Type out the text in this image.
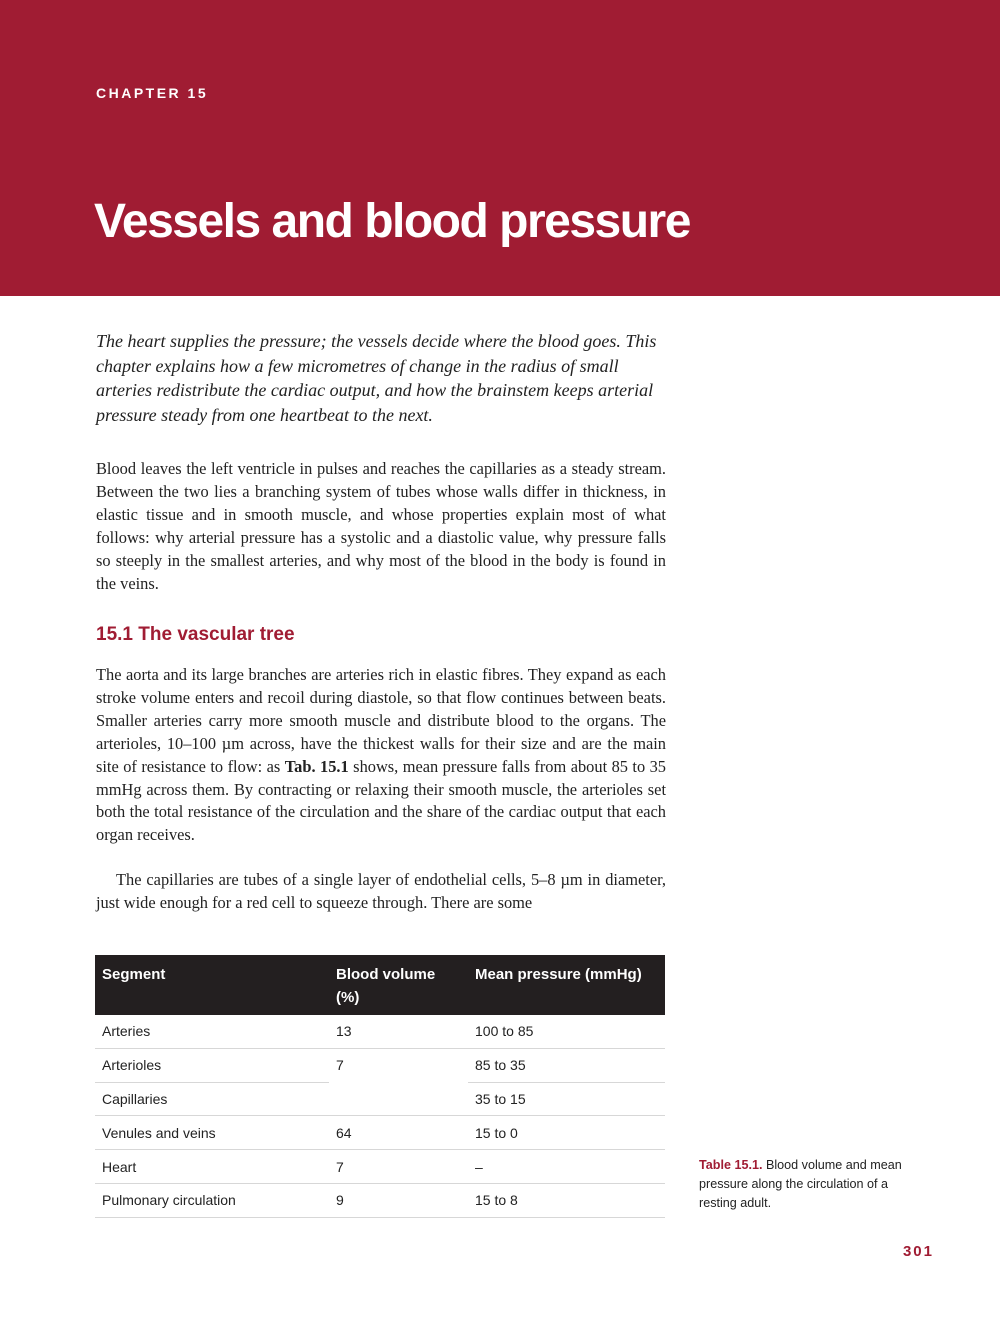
CHAPTER 15
Vessels and blood pressure

The heart supplies the pressure; the vessels decide where the blood goes. This chapter explains how a few micrometres of change in the radius of small arteries redistribute the cardiac output, and how the brainstem keeps arterial pressure steady from one heartbeat to the next.

Blood leaves the left ventricle in pulses and reaches the capillaries as a steady stream. Between the two lies a branching system of tubes whose walls differ in thickness, in elastic tissue and in smooth muscle, and whose properties explain most of what follows: why arterial pressure has a systolic and a diastolic value, why pressure falls so steeply in the smallest arteries, and why most of the blood in the body is found in the veins.

15.1 The vascular tree

The aorta and its large branches are arteries rich in elastic fibres. They expand as each stroke volume enters and recoil during diastole, so that flow continues between beats. Smaller arteries carry more smooth muscle and distribute blood to the organs. The arterioles, 10–100 µm across, have the thickest walls for their size and are the main site of resistance to flow: as Tab. 15.1 shows, mean pressure falls from about 85 to 35 mmHg across them. By contracting or relaxing their smooth muscle, the arterioles set both the total resistance of the circulation and the share of the cardiac output that each organ receives.

The capillaries are tubes of a single layer of endothelial cells, 5–8 µm in diameter, just wide enough for a red cell to squeeze through. There are some

Segment	Blood volume (%)	Mean pressure (mmHg)
Arteries	13	100 to 85
Arterioles	7	85 to 35
Capillaries		35 to 15
Venules and veins	64	15 to 0
Heart	7	–
Pulmonary circulation	9	15 to 8

Table 15.1. Blood volume and mean pressure along the circulation of a resting adult.

301
